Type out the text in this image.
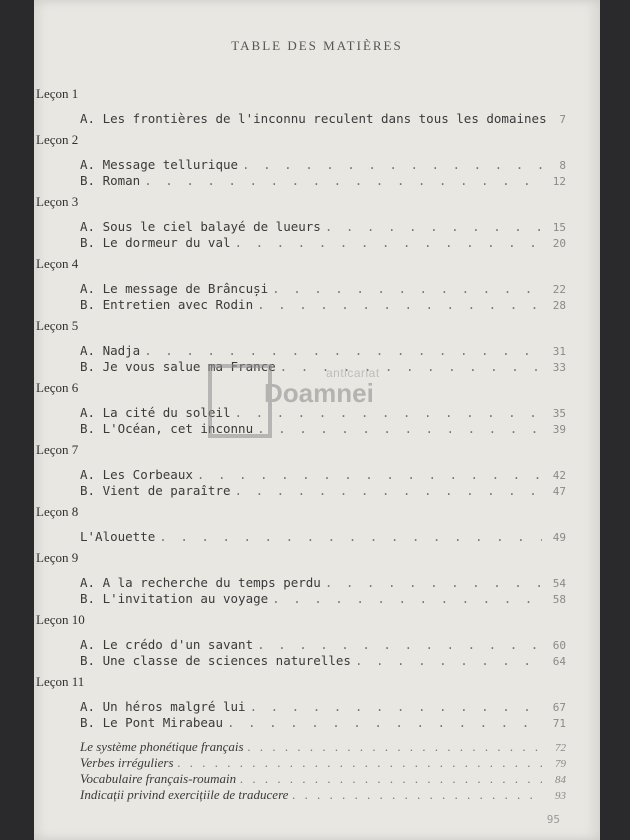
TABLE DES MATIÈRES
Leçon 1
A. Les frontières de l'inconnu reculent dans tous les domaines	7
Leçon 2
A. Message tellurique . . .	8
B. Roman . . .	12
Leçon 3
A. Sous le ciel balayé de lueurs . . .	15
B. Le dormeur du val . . .	20
Leçon 4
A. Le message de Brâncuși . . .	22
B. Entretien avec Rodin . . .	28
Leçon 5
A. Nadja . . .	31
B. Je vous salue ma France . . .	33
Leçon 6
A. La cité du soleil . . .	35
B. L'Océan, cet inconnu . . .	39
Leçon 7
A. Les Corbeaux . . .	42
B. Vient de paraître . . .	47
Leçon 8
L'Alouette . . .	49
Leçon 9
A. A la recherche du temps perdu . . .	54
B. L'invitation au voyage . . .	58
Leçon 10
A. Le crédo d'un savant . . .	60
B. Une classe de sciences naturelles . . .	64
Leçon 11
A. Un héros malgré lui . . .	67
B. Le Pont Mirabeau . . .	71
Le système phonétique français . . .	72
Verbes irréguliers . . .	79
Vocabulaire français-roumain . . .	84
Indicații privind exercițiile de traducere . . .	93
95
anticariat
Doamnei
